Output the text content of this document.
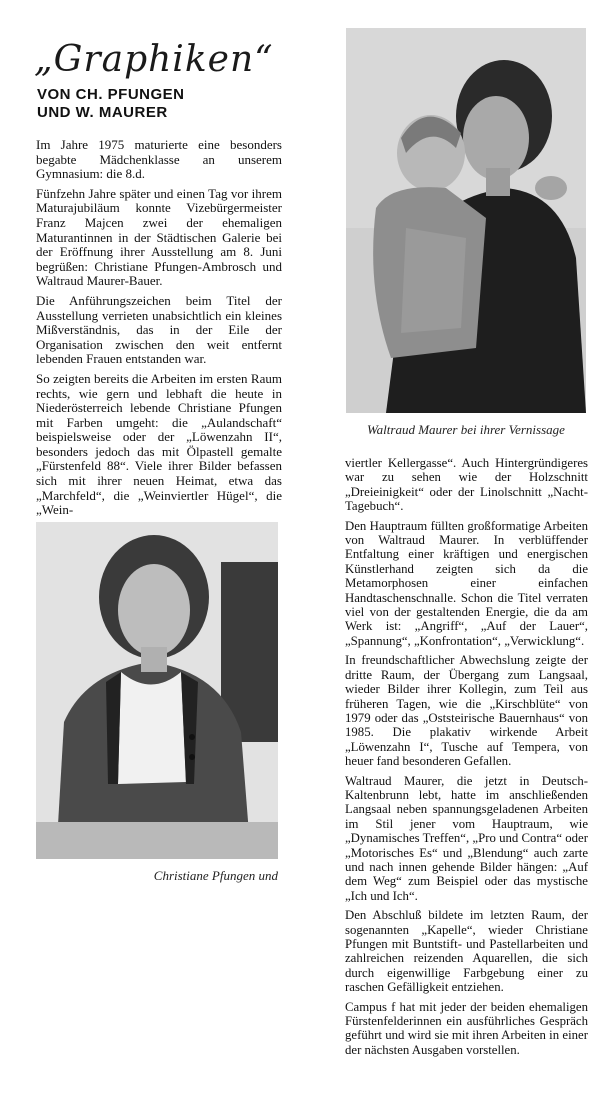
„Graphiken“
VON CH. PFUNGEN
UND W. MAURER

Im Jahre 1975 maturierte eine besonders begabte Mädchenklasse an unserem Gymnasium: die 8.d.

Fünfzehn Jahre später und einen Tag vor ihrem Maturajubiläum konnte Vizebürgermeister Franz Majcen zwei der ehemaligen Maturantinnen in der Städtischen Galerie bei der Eröffnung ihrer Ausstellung am 8. Juni begrüßen: Christiane Pfungen-Ambrosch und Waltraud Maurer-Bauer.

Die Anführungszeichen beim Titel der Ausstellung verrieten unabsichtlich ein kleines Mißverständnis, das in der Eile der Organisation zwischen den weit entfernt lebenden Frauen entstanden war.

So zeigten bereits die Arbeiten im ersten Raum rechts, wie gern und lebhaft die heute in Niederösterreich lebende Christiane Pfungen mit Farben umgeht: die „Aulandschaft“ beispielsweise oder der „Löwenzahn II“, besonders jedoch das mit Ölpastell gemalte „Fürstenfeld 88“. Viele ihrer Bilder befassen sich mit ihrer neuen Heimat, etwa das „Marchfeld“, die „Weinviertler Hügel“, die „Wein-

Waltraud Maurer bei ihrer Vernissage
Christiane Pfungen und

viertler Kellergasse“. Auch Hintergründigeres war zu sehen wie der Holzschnitt „Dreieinigkeit“ oder der Linolschnitt „Nacht-Tagebuch“.

Den Hauptraum füllten großformatige Arbeiten von Waltraud Maurer. In verblüffender Entfaltung einer kräftigen und energischen Künstlerhand zeigten sich da die Metamorphosen einer einfachen Handtaschenschnalle. Schon die Titel verraten viel von der gestaltenden Energie, die da am Werk ist: „Angriff“, „Auf der Lauer“, „Spannung“, „Konfrontation“, „Verwicklung“.

In freundschaftlicher Abwechslung zeigte der dritte Raum, der Übergang zum Langsaal, wieder Bilder ihrer Kollegin, zum Teil aus früheren Tagen, wie die „Kirschblüte“ von 1979 oder das „Oststeirische Bauernhaus“ von 1985. Die plakativ wirkende Arbeit „Löwenzahn I“, Tusche auf Tempera, von heuer fand besonderen Gefallen.

Waltraud Maurer, die jetzt in Deutsch-Kaltenbrunn lebt, hatte im anschließenden Langsaal neben spannungsgeladenen Arbeiten im Stil jener vom Hauptraum, wie „Dynamisches Treffen“, „Pro und Contra“ oder „Motorisches Es“ und „Blendung“ auch zarte und nach innen gehende Bilder hängen: „Auf dem Weg“ zum Beispiel oder das mystische „Ich und Ich“.

Den Abschluß bildete im letzten Raum, der sogenannten „Kapelle“, wieder Christiane Pfungen mit Buntstift- und Pastellarbeiten und zahlreichen reizenden Aquarellen, die sich durch eigenwillige Farbgebung einer zu raschen Gefälligkeit entziehen.

Campus f hat mit jeder der beiden ehemaligen Fürstenfelderinnen ein ausführliches Gespräch geführt und wird sie mit ihren Arbeiten in einer der nächsten Ausgaben vorstellen.
